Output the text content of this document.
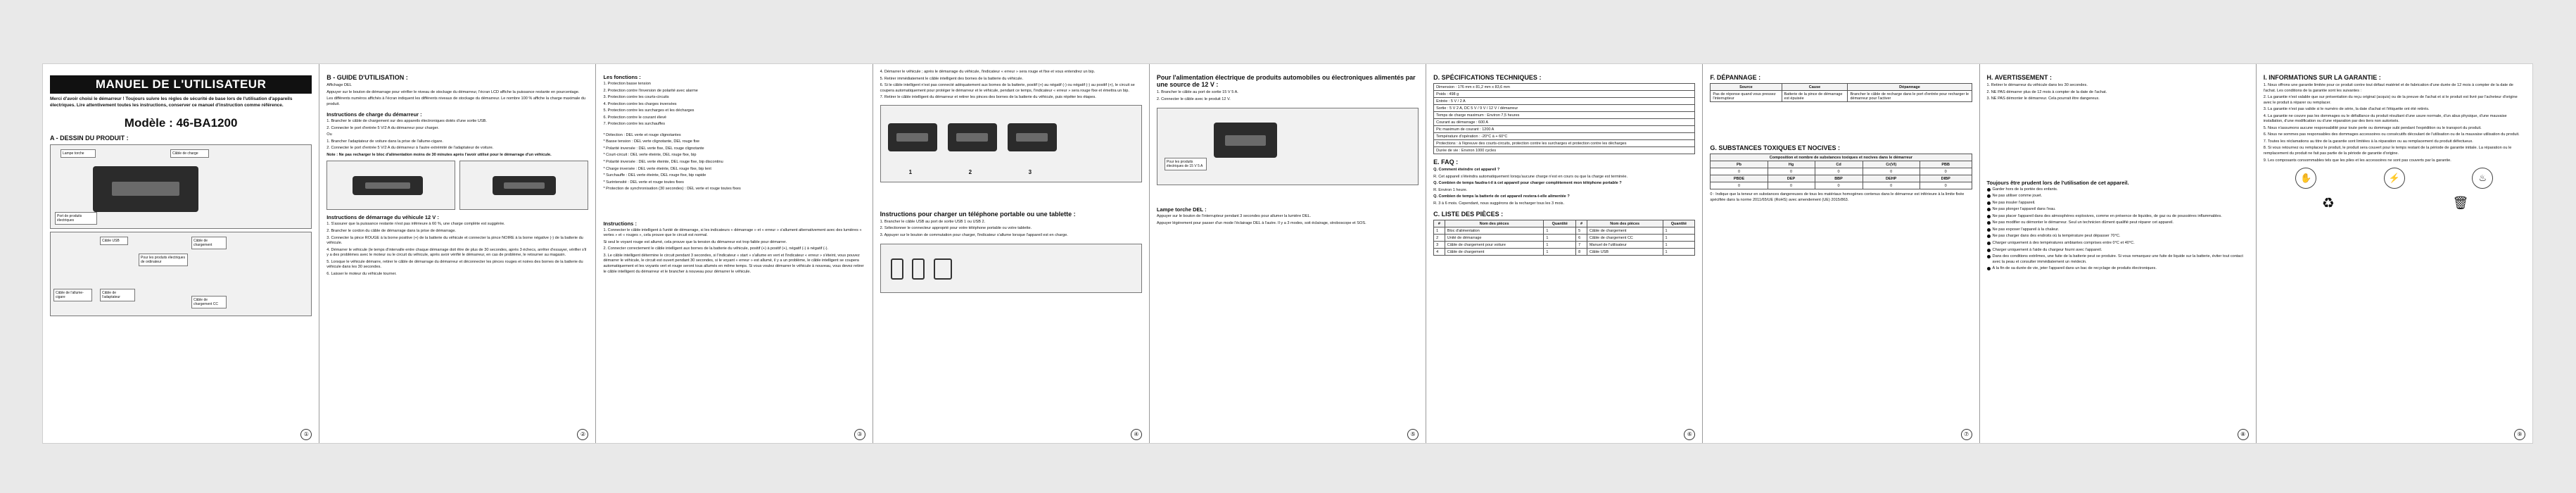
MANUEL DE L'UTILISATEUR
Merci d'avoir choisi le démarreur ! Toujours suivre les règles de sécurité de base lors de l'utilisation d'appareils électriques. Lire attentivement toutes les instructions, conserver ce manuel d'instruction comme référence.
Modèle : 46-BA1200
A - DESSIN DU PRODUIT :
Lampe torche
Port de produits électriques
Câble de charge
Câble de l'allume-cigare
Câble USB
Pour les produits électriques de ordinateur
Câble de l'adaptateur
Câble de chargement
Câble de chargement CC
①
B - GUIDE D'UTILISATION :

Affichage DEL

Appuyer sur le bouton de démarrage pour vérifier le niveau de stockage du démarreur, l'écran LCD affiche la puissance restante en pourcentage.

Les différents numéros affichés à l'écran indiquent les différents niveaux de stockage du démarreur. Le nombre 100 % affiche la charge maximale du produit.

Instructions de charge du démarreur :
1. Brancher le câble de chargement sur des appareils électroniques dotés d'une sortie USB.
2. Connecter le port d'entrée 5 V/2 A du démarreur pour charger.
Ou
1. Brancher l'adaptateur de voiture dans la prise de l'allume-cigare.
2. Connecter le port d'entrée 5 V/2 A du démarreur à l'autre extrémité de l'adaptateur de voiture.

Note : Ne pas recharger le bloc d'alimentation moins de 30 minutes après l'avoir utilisé pour le démarrage d'un véhicule.

Instructions de démarrage du véhicule 12 V :
1. S'assurer que la puissance restante n'est pas inférieure à 60 %, une charge complète est suggérée.
2. Brancher le cordon du câble de démarrage dans la prise de démarrage.
3. Connecter la pince ROUGE à la borne positive (+) de la batterie du véhicule et connecter la pince NOIRE à la borne négative (-) de la batterie du véhicule.
4. Démarrer le véhicule (le temps d'intervalle entre chaque démarrage doit être de plus de 30 secondes, après 3 échecs, arrêter d'essayer, vérifier s'il y a des problèmes avec le moteur ou le circuit du véhicule, après avoir vérifié le démarreur, en cas de problème, le retourner au magasin.
5. Lorsque le véhicule démarre, retirer le câble de démarrage du démarreur et déconnecter les pinces rouges et noires des bornes de la batterie du véhicule dans les 30 secondes.
6. Laisser le moteur du véhicule tourner.
②
Les fonctions :
1. Protection basse tension
2. Protection contre l'inversion de polarité avec alarme
3. Protection contre les courts-circuits
4. Protection contre les charges inversées
5. Protection contre les surcharges et les décharges
6. Protection contre le courant élevé
7. Protection contre les surchauffes
* Détection : DEL verte et rouge clignotantes
* Basse tension : DEL verte clignotante, DEL rouge fixe
* Polarité inversée : DEL verte fixe, DEL rouge clignotante
* Court-circuit : DEL verte éteinte, DEL rouge fixe, bip
* Polarité inversée : DEL verte éteinte, DEL rouge fixe, bip discontinu
* Charge inversée : DEL verte éteinte, DEL rouge fixe, bip lent
* Surchauffe : DEL verte éteinte, DEL rouge fixe, bip rapide
* Surintensité : DEL verte et rouge toutes fixes
* Protection de synchronisation (30 secondes) : DEL verte et rouge toutes fixes
Instructions :
1. Connecter le câble intelligent à l'unité de démarrage, si les indicateurs « démarrage » et « erreur » s'allument alternativement avec des lumières « vertes » et « rouges », cela prouve que le circuit est normal.
Si seul le voyant rouge est allumé, cela prouve que la tension du démarreur est trop faible pour démarrer.
2. Connecter correctement le câble intelligent aux bornes de la batterie du véhicule, positif (+) à positif (+), négatif (-) à négatif (-).
3. Le câble intelligent détermine le circuit pendant 3 secondes, si l'indicateur « start » s'allume en vert et l'indicateur « erreur » s'éteint, vous pouvez démarrer le véhicule, le circuit est ouvert pendant 30 secondes, si le voyant « erreur » est allumé, il y a un problème, le câble intelligent se coupera automatiquement et les voyants vert et rouge seront tous allumés en même temps. Si vous voulez démarrer le véhicule à nouveau, vous devez retirer le câble intelligent du démarreur et le brancher à nouveau pour démarrer le véhicule.
③
4. Démarrer le véhicule ; après le démarrage du véhicule, l'indicateur « erreur » sera rouge et fixe et vous entendrez un bip.
5. Retirer immédiatement le câble intelligent des bornes de la batterie du véhicule.
6. Si le câble intelligent n'est pas connecté adéquatement aux bornes de la batterie, positif (+) au négatif (-) ou négatif (-) au positif (+), le circuit se coupera automatiquement pour protéger le démarreur et le véhicule, pendant ce temps, l'indicateur « erreur » sera rouge fixe et émettra un bip.
7. Retirer le câble intelligent du démarreur et retirer les pinces des bornes de la batterie du véhicule, puis répéter les étapes.
1	2	3
Instructions pour charger un téléphone portable ou une tablette :
1. Brancher le câble USB au port de sortie USB 1 ou USB 2.
2. Sélectionner le connecteur approprié pour votre téléphone portable ou votre tablette.
3. Appuyer sur le bouton de commutation pour charger, l'indicateur s'allume lorsque l'appareil est en charge.

④
Pour l'alimentation électrique de produits automobiles ou électroniques alimentés par une source de 12 V :
1. Brancher le câble au port de sortie 15 V 5 A.
2. Connecter le câble avec le produit 12 V.
Pour les produits électriques de 15 V 5 A
Lampe torche DEL :

Appuyer sur le bouton de l'interrupteur pendant 3 secondes pour allumer la lumière DEL.

Appuyer légèrement pour passer d'un mode l'éclairage DEL à l'autre. Il y a 3 modes, soit éclairage, stroboscope et SOS.

⑤
D. SPÉCIFICATIONS TECHNIQUES :
Dimension : 176 mm x 81,2 mm x 83,6 mm
Poids : 498 g
Entrée : 5 V / 2 A
Sortie : 5 V 2 A, DC 5 V / 9 V / 12 V / démarreur
Temps de charge maximum : Environ 7,5 heures
Courant au démarrage : 600 A
Pic maximum de courant : 1200 A
Température d'opération : -20°C à + 60°C
Protections : à l'épreuve des courts-circuits, protection contre les surcharges et protection contre les décharges
Durée de vie : Environ 1000 cycles
E. FAQ :

Q. Comment éteindre cet appareil ?

R. Cet appareil s'éteindra automatiquement lorsqu'aucune charge n'est en cours ou que la charge est terminée.

Q. Combien de temps faudra-t-il à cet appareil pour charger complètement mon téléphone portable ?

R. Environ 1 heure.

Q. Combien de temps la batterie de cet appareil restera-t-elle alimentée ?

R. 3 à 6 mois. Cependant, nous suggérons de la recharger tous les 3 mois.

C. LISTE DES PIÈCES :
#	Nom des pièces	Quantité	#	Nom des pièces	Quantité
1	Bloc d'alimentation	1	5	Câble de chargement	1
2	Unité de démarrage	1	6	Câble de chargement CC	1
3	Câble de chargement pour voiture	1	7	Manuel de l'utilisateur	1
4	Câble de chargement	1	8	Câble USB	1
⑥
F. DÉPANNAGE :
Source	Cause	Dépannage
Pas de réponse quand vous pressez l'interrupteur	Batterie de la pince de démarrage est épuisée	Brancher le câble de recharge dans le port d'entrée pour recharger le démarreur pour l'activer
G. SUBSTANCES TOXIQUES ET NOCIVES :
Composition et nombre de substances toxiques et nocives dans le démarreur				
Pb	Hg	Cd	Cr(VI)	PBB
0	0	0	0	0
PBDE	DEP	BBP	DEHP	DIBP
0	0	0	0	0

0 : Indique que la teneur en substances dangereuses de tous les matériaux homogènes contenus dans le démarreur est inférieure à la limite fixée spécifiée dans la norme 2011/65/UE (RoHS) avec amendement (UE) 2015/863.

⑦
H. AVERTISSEMENT :
1. Retirer le démarreur du véhicule dans les 30 secondes.
2. NE PAS démarrer plus de 12 mois à compter de la date de l'achat.
3. NE PAS démonter le démarreur. Cela pourrait être dangereux.
Toujours être prudent lors de l'utilisation de cet appareil.
Garder hors de la portée des enfants.
Ne pas utiliser comme jouet.
Ne pas insuler l'appareil.
Ne pas plonger l'appareil dans l'eau.
Ne pas placer l'appareil dans des atmosphères explosives, comme en présence de liquides, de gaz ou de poussières inflammables.
Ne pas modifier ou démonter le démarreur. Seul un technicien dûment qualifié peut réparer cet appareil.
Ne pas exposer l'appareil à la chaleur.
Ne pas charger dans des endroits où la température peut dépasser 70°C.
Charger uniquement à des températures ambiantes comprises entre 0°C et 40°C.
Charger uniquement à l'aide du chargeur fourni avec l'appareil.
Dans des conditions extrêmes, une fuite de la batterie peut se produire. Si vous remarquez une fuite de liquide sur la batterie, éviter tout contact avec la peau et consulter immédiatement un médecin.
À la fin de sa durée de vie, jeter l'appareil dans un bac de recyclage de produits électroniques.
⑧
I. INFORMATIONS SUR LA GARANTIE :
1. Nous offrons une garantie limitée pour ce produit contre tout défaut matériel et de fabrication d'une durée de 12 mois à compter de la date de l'achat. Les conditions de la garantie sont les suivantes :
2. La garantie n'est valable que sur présentation du reçu original (acquis) ou de la preuve de l'achat et si le produit est livré par l'acheteur d'origine avec le produit à réparer ou remplacer.
3. La garantie n'est pas valide si le numéro de série, la date d'achat et l'étiquette ont été retirés.
4. La garantie ne couvre pas les dommages ou le défaillance du produit résultant d'une usure normale, d'un abus physique, d'une mauvaise installation, d'une modification ou d'une réparation par des tiers non autorisés.
5. Nous n'assumons aucune responsabilité pour toute perte ou dommage subi pendant l'expédition ou le transport du produit.
6. Nous ne sommes pas responsables des dommages accessoires ou consécutifs découlant de l'utilisation ou de la mauvaise utilisation du produit.
7. Toutes les réclamations au titre de la garantie sont limitées à la réparation ou au remplacement du produit défectueux.
8. Si vous retournez ou remplacez le produit, le produit sera couvert pour le temps restant de la période de garantie initiale. La réparation ou le remplacement du produit ne fait pas partie de la période de garantie d'origine.
9. Les composants consommables tels que les piles et les accessoires ne sont pas couverts par la garantie.
✋	⚡	♨
♻	🗑
⑨
